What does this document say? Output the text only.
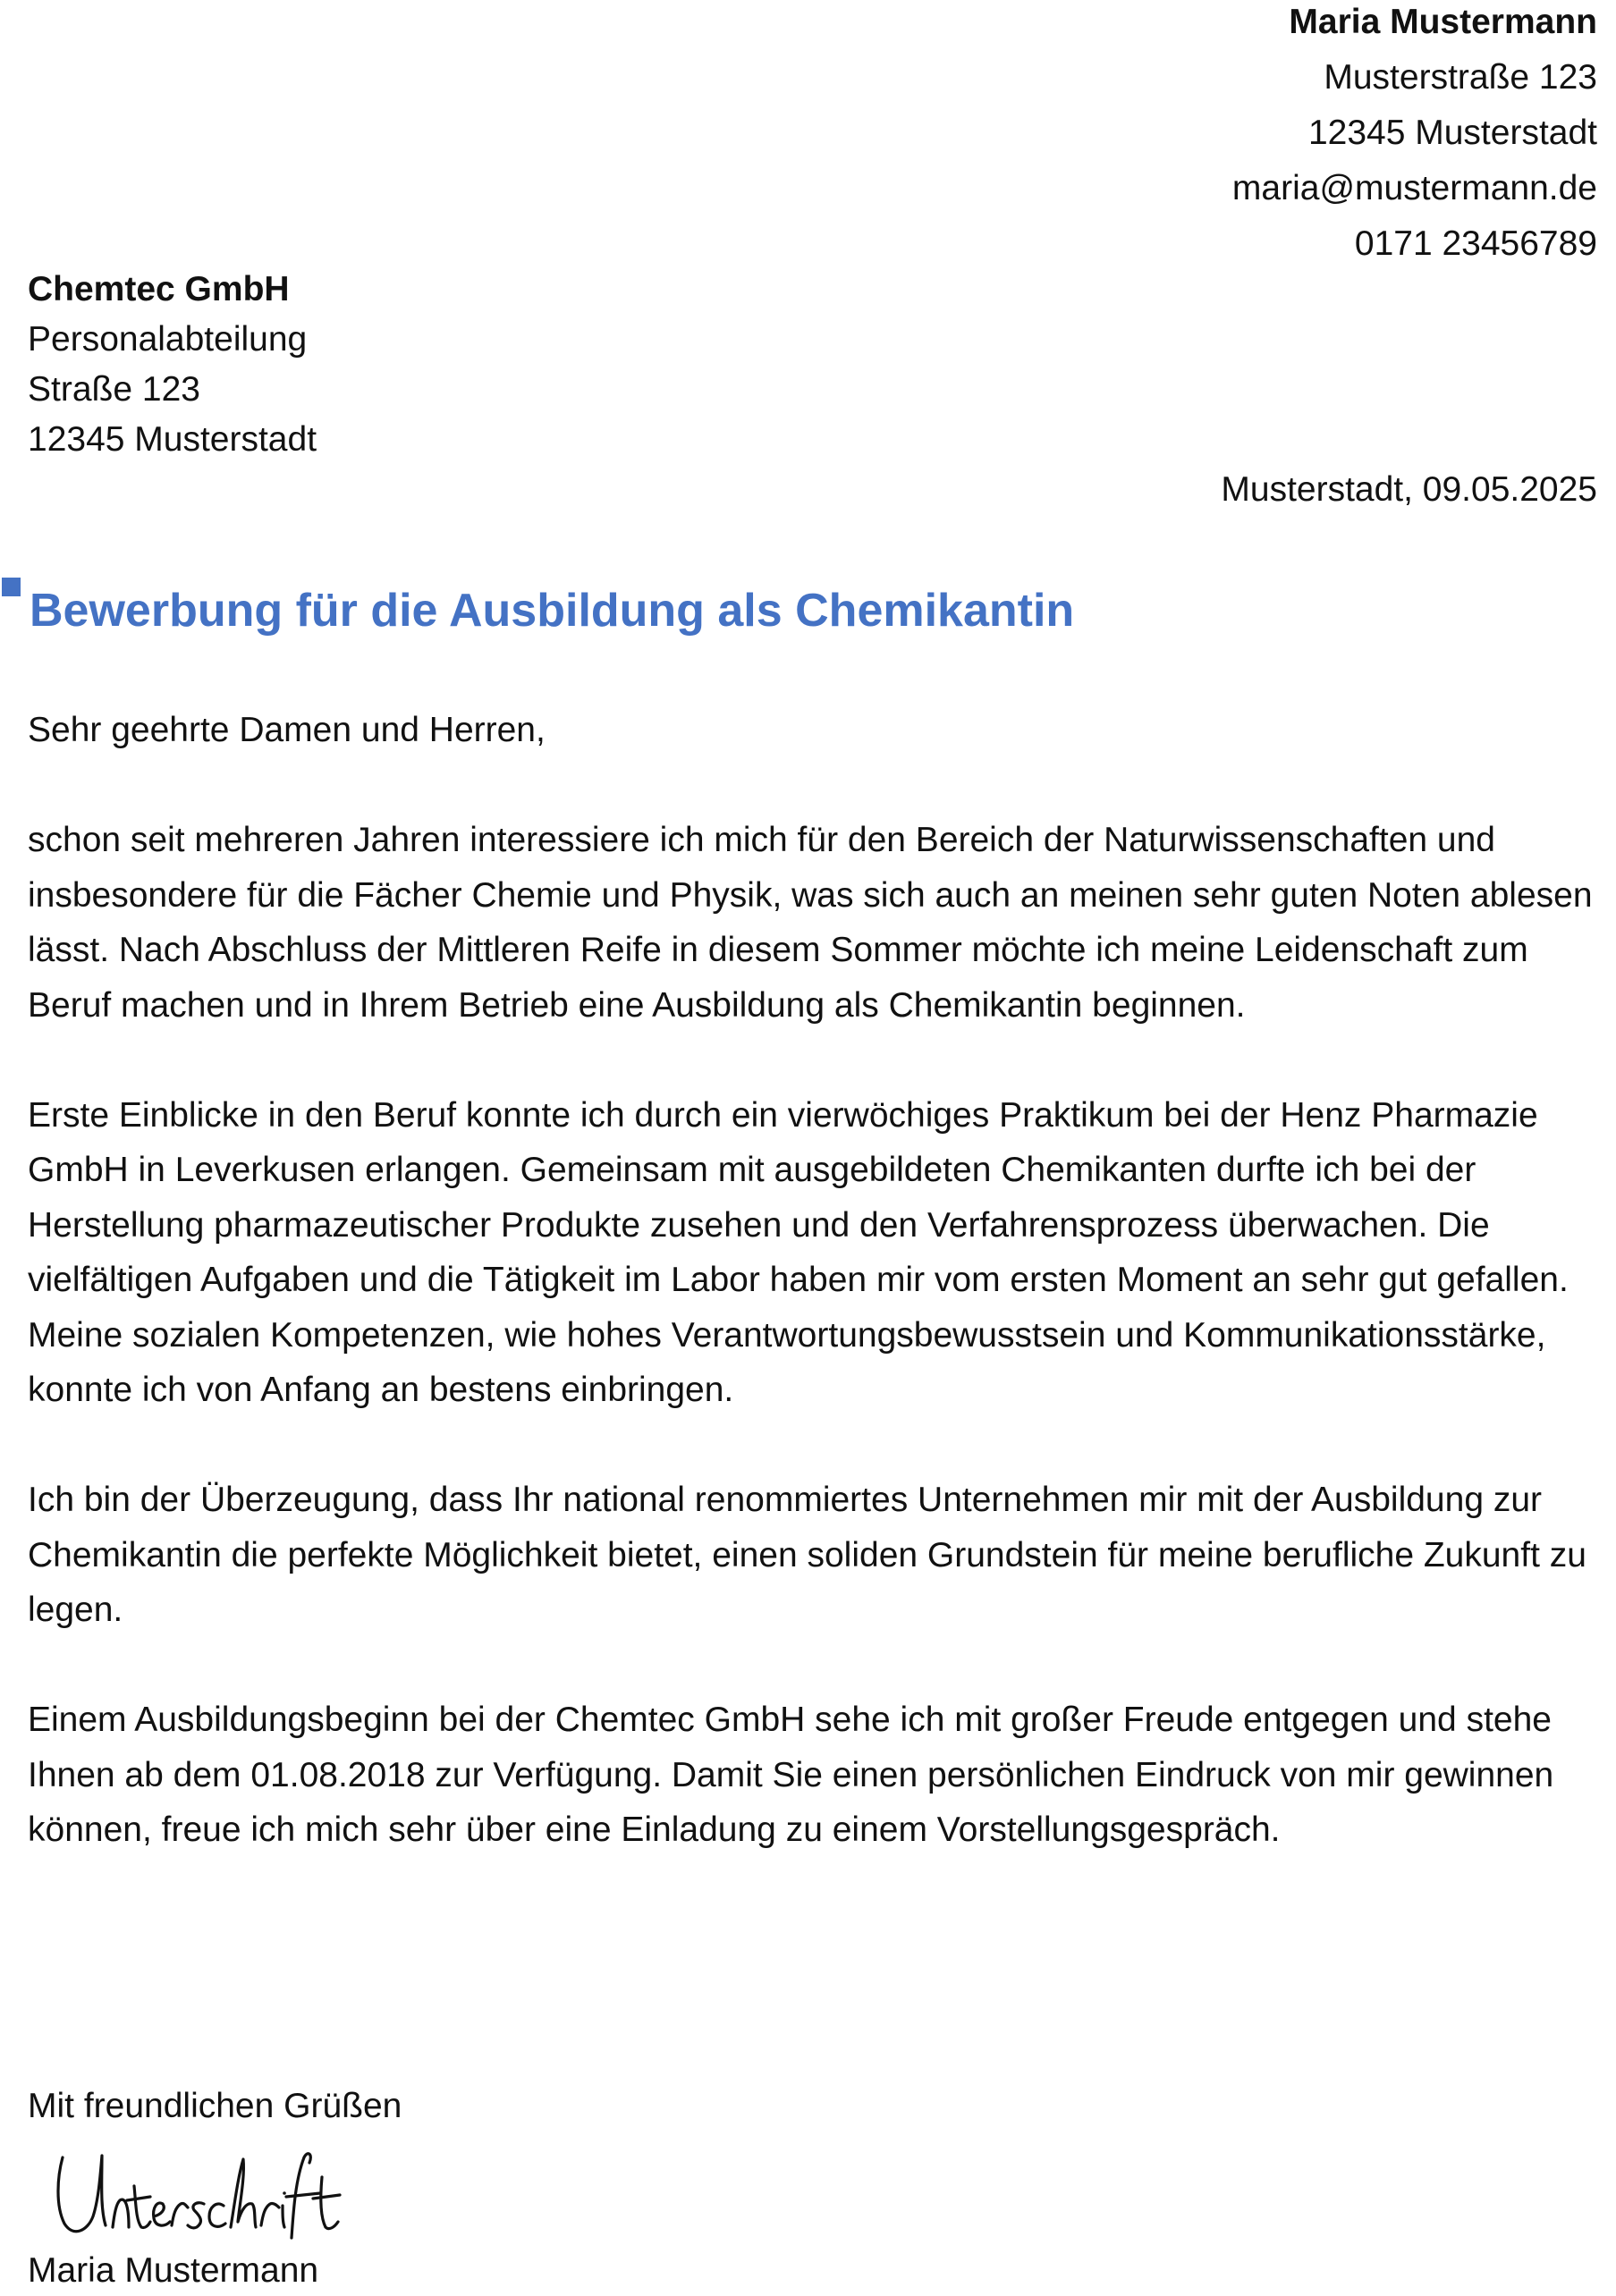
Maria Mustermann
Musterstraße 123
12345 Musterstadt
maria@mustermann.de
0171 23456789
Chemtec GmbH
Personalabteilung
Straße 123
12345 Musterstadt
Musterstadt, 09.05.2025
Bewerbung für die Ausbildung als Chemikantin

Sehr geehrte Damen und Herren,

schon seit mehreren Jahren interessiere ich mich für den Bereich der Naturwissenschaften und insbesondere für die Fächer Chemie und Physik, was sich auch an meinen sehr guten Noten ablesen lässt. Nach Abschluss der Mittleren Reife in diesem Sommer möchte ich meine Leidenschaft zum Beruf machen und in Ihrem Betrieb eine Ausbildung als Chemikantin beginnen.

Erste Einblicke in den Beruf konnte ich durch ein vierwöchiges Praktikum bei der Henz Pharmazie GmbH in Leverkusen erlangen. Gemeinsam mit ausgebildeten Chemikanten durfte ich bei der Herstellung pharmazeutischer Produkte zusehen und den Verfahrensprozess überwachen. Die vielfältigen Aufgaben und die Tätigkeit im Labor haben mir vom ersten Moment an sehr gut gefallen. Meine sozialen Kompetenzen, wie hohes Verantwortungsbewusstsein und Kommunikationsstärke, konnte ich von Anfang an bestens einbringen.

Ich bin der Überzeugung, dass Ihr national renommiertes Unternehmen mir mit der Ausbildung zur Chemikantin die perfekte Möglichkeit bietet, einen soliden Grundstein für meine berufliche Zukunft zu legen.

Einem Ausbildungsbeginn bei der Chemtec GmbH sehe ich mit großer Freude entgegen und stehe Ihnen ab dem 01.08.2018 zur Verfügung. Damit Sie einen persönlichen Eindruck von mir gewinnen können, freue ich mich sehr über eine Einladung zu einem Vorstellungsgespräch.

Mit freundlichen Grüßen
Maria Mustermann
